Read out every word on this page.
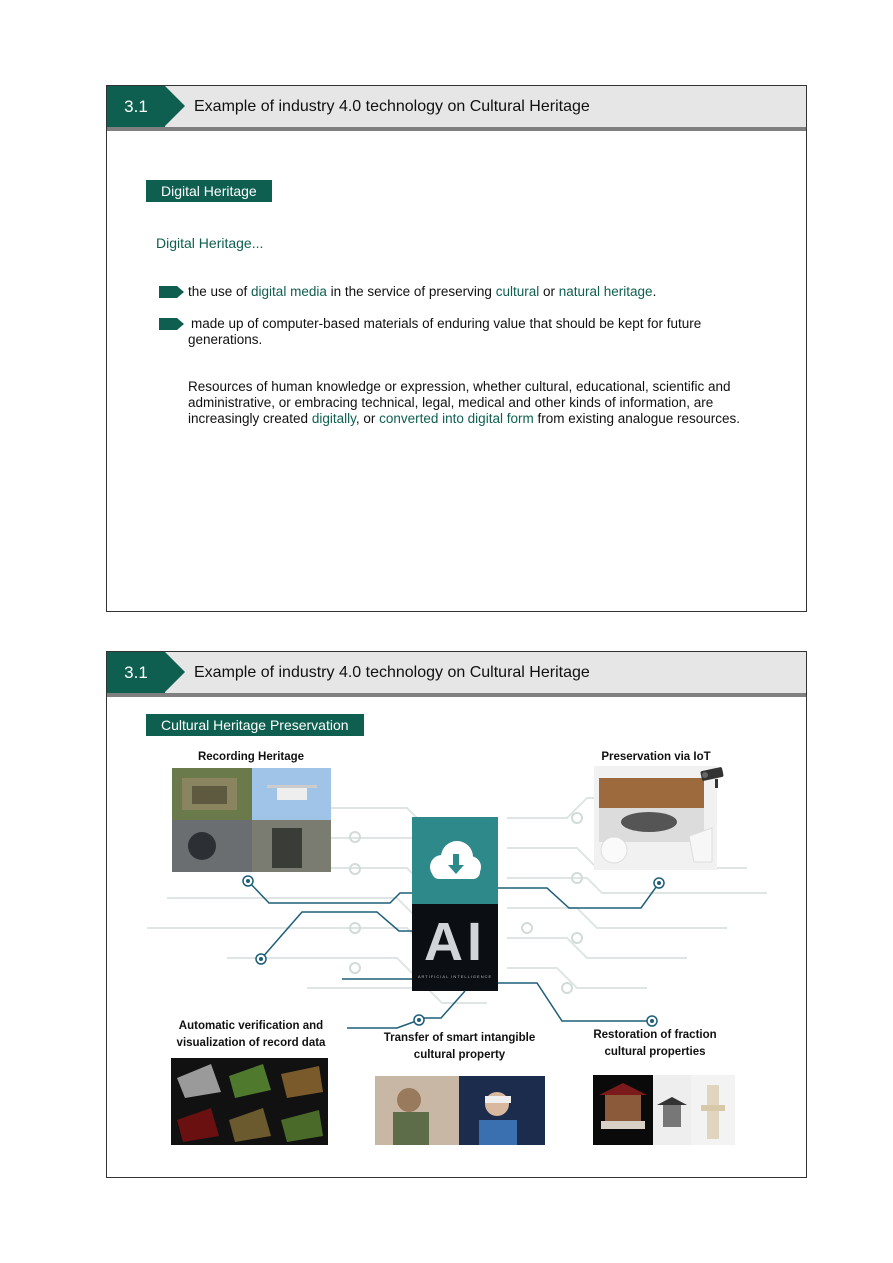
3.1	Example of industry 4.0 technology on Cultural Heritage
Digital Heritage
Digital Heritage...
the use of digital media in the service of preserving cultural or natural heritage.
made up of computer-based materials of enduring value that should be kept for future
generations.
Resources of human knowledge or expression, whether cultural, educational, scientific and
administrative, or embracing technical, legal, medical and other kinds of information, are
increasingly created digitally, or converted into digital form from existing analogue resources.
3.1	Example of industry 4.0 technology on Cultural Heritage
Cultural Heritage Preservation
Recording Heritage	Preservation via IoT
AI
ARTIFICIAL INTELLIGENCE
Automatic verification and
visualization of record data	Transfer of smart intangible
cultural property
Restoration of fraction
cultural properties
